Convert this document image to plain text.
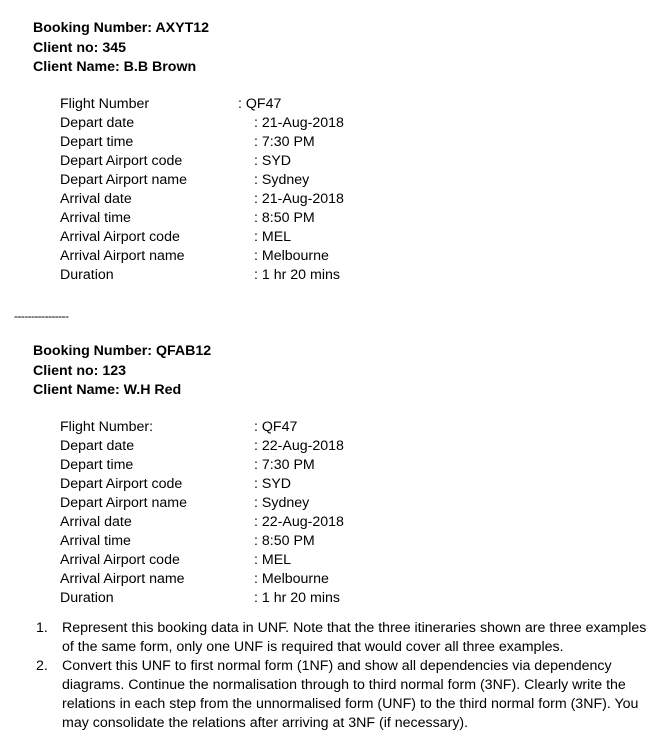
Booking Number: AXYT12
Client no: 345
Client Name: B.B Brown
Flight Number	: QF47
Depart date	: 21-Aug-2018
Depart time	: 7:30 PM
Depart Airport code	: SYD
Depart Airport name	: Sydney
Arrival date	: 21-Aug-2018
Arrival time	: 8:50 PM
Arrival Airport code	: MEL
Arrival Airport name	: Melbourne
Duration	: 1 hr 20 mins
----------------
Booking Number: QFAB12
Client no: 123
Client Name: W.H Red
Flight Number:	: QF47
Depart date	: 22-Aug-2018
Depart time	: 7:30 PM
Depart Airport code	: SYD
Depart Airport name	: Sydney
Arrival date	: 22-Aug-2018
Arrival time	: 8:50 PM
Arrival Airport code	: MEL
Arrival Airport name	: Melbourne
Duration	: 1 hr 20 mins
1. Represent this booking data in UNF. Note that the three itineraries shown are three examples of the same form, only one UNF is required that would cover all three examples.
2. Convert this UNF to first normal form (1NF) and show all dependencies via dependency diagrams. Continue the normalisation through to third normal form (3NF). Clearly write the relations in each step from the unnormalised form (UNF) to the third normal form (3NF). You may consolidate the relations after arriving at 3NF (if necessary).
